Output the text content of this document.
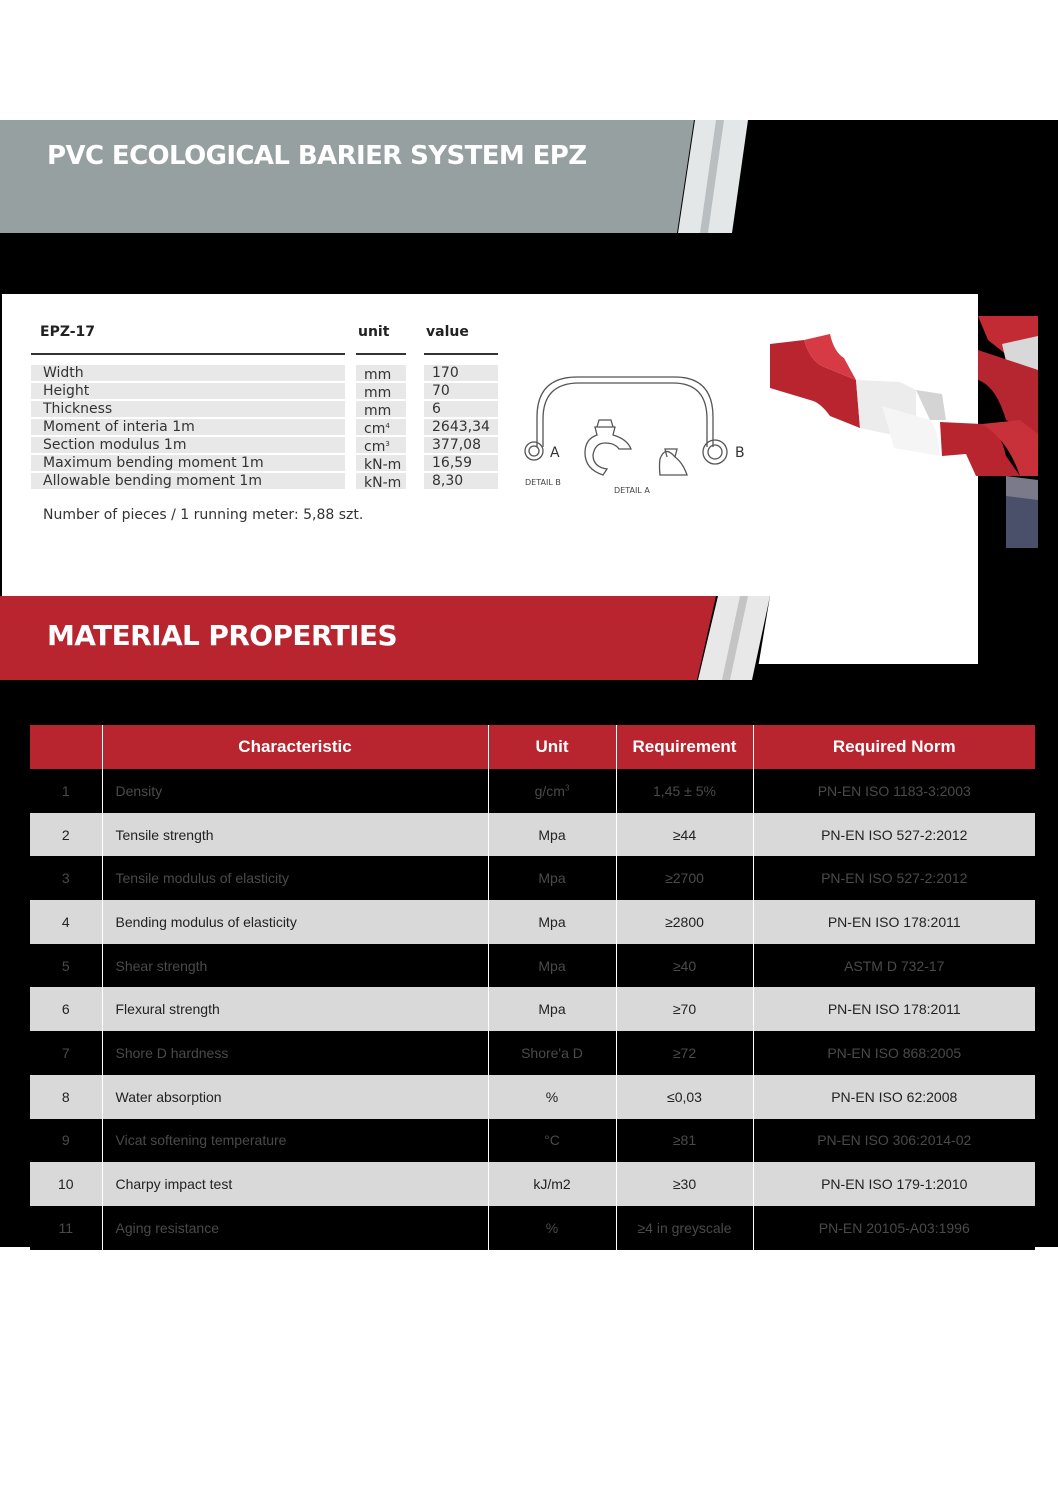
PVC ECOLOGICAL BARIER SYSTEM EPZ
EPZ-17	unit	value
Width	mm	170
Height	mm	70
Thickness	mm	6
Moment of interia 1m	$cm^4$	2643,34
Section modulus 1m	$cm^3$	377,08
Maximum bending moment 1m	kN-m 16,59
Allowable bending moment 1m	kN-m 8,30
Number of pieces / 1 running meter: 5,88 szt.
A	B
DETAIL B
DETAIL A
MATERIAL PROPERTIES
	Characteristic	Unit	Requirement	Required Norm
1	Density	$g/cm^3$	1,45 ± 5%	PN-EN ISO 1183-3:2003
2	Tensile strength	Mpa	≥44	PN-EN ISO 527-2:2012
3	Tensile modulus of elasticity	Mpa	≥2700	PN-EN ISO 527-2:2012
4	Bending modulus of elasticity	Mpa	≥2800	PN-EN ISO 178:2011
5	Shear strength	Mpa	≥40	ASTM D 732-17
6	Flexural strength	Mpa	≥70	PN-EN ISO 178:2011
7	Shore D hardness	Shore'a D	≥72	PN-EN ISO 868:2005
8	Water absorption	%	≤0,03	PN-EN ISO 62:2008
9	Vicat softening temperature	°C	≥81	PN-EN ISO 306:2014-02
10	Charpy impact test	kJ/m2	≥30	PN-EN ISO 179-1:2010
11	Aging resistance	%	≥4 in greyscale	PN-EN 20105-A03:1996
